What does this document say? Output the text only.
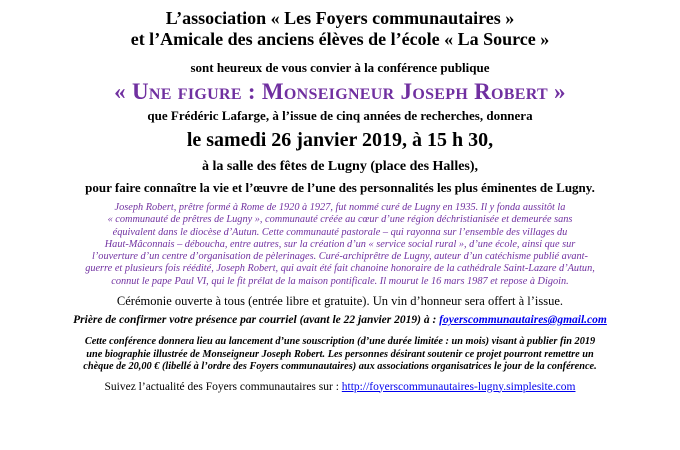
L’association « Les Foyers communautaires »

et l’Amicale des anciens élèves de l’école « La Source »

sont heureux de vous convier à la conférence publique

« Une figure : Monseigneur Joseph Robert »

que Frédéric Lafarge, à l’issue de cinq années de recherches, donnera

le samedi 26 janvier 2019, à 15 h 30,

à la salle des fêtes de Lugny (place des Halles),

pour faire connaître la vie et l’œuvre de l’une des personnalités les plus éminentes de Lugny.

Joseph Robert, prêtre formé à Rome de 1920 à 1927, fut nommé curé de Lugny en 1935. Il y fonda aussitôt la

« communauté de prêtres de Lugny », communauté créée au cœur d’une région déchristianisée et demeurée sans

équivalent dans le diocèse d’Autun. Cette communauté pastorale – qui rayonna sur l’ensemble des villages du

Haut-Mâconnais – déboucha, entre autres, sur la création d’un « service social rural », d’une école, ainsi que sur

l’ouverture d’un centre d’organisation de pèlerinages. Curé-archiprêtre de Lugny, auteur d’un catéchisme publié avant-

guerre et plusieurs fois réédité, Joseph Robert, qui avait été fait chanoine honoraire de la cathédrale Saint-Lazare d’Autun,

connut le pape Paul VI, qui le fit prélat de la maison pontificale. Il mourut le 16 mars 1987 et repose à Digoin.

Cérémonie ouverte à tous (entrée libre et gratuite). Un vin d’honneur sera offert à l’issue.

Prière de confirmer votre présence par courriel (avant le 22 janvier 2019) à : foyerscommunautaires@gmail.com

Cette conférence donnera lieu au lancement d’une souscription (d’une durée limitée : un mois) visant à publier fin 2019

une biographie illustrée de Monseigneur Joseph Robert. Les personnes désirant soutenir ce projet pourront remettre un

chèque de 20,00 € (libellé à l’ordre des Foyers communautaires) aux associations organisatrices le jour de la conférence.

Suivez l’actualité des Foyers communautaires sur : http://foyerscommunautaires-lugny.simplesite.com
